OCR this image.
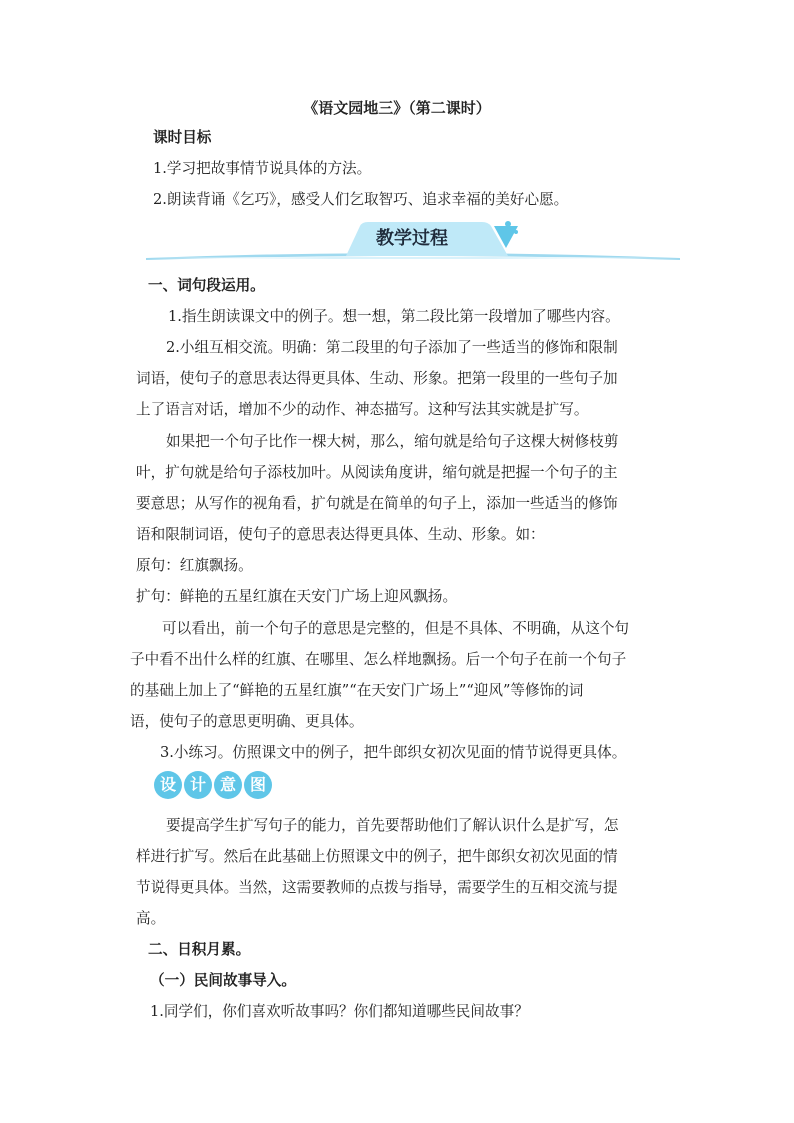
《语文园地三》（第二课时）
课时目标
1.学习把故事情节说具体的方法。
2.朗读背诵《乞巧》，感受人们乞取智巧、追求幸福的美好心愿。
教学过程
一、词句段运用。
1.指生朗读课文中的例子。想一想，第二段比第一段增加了哪些内容。
2.小组互相交流。明确：第二段里的句子添加了一些适当的修饰和限制
词语，使句子的意思表达得更具体、生动、形象。把第一段里的一些句子加
上了语言对话，增加不少的动作、神态描写。这种写法其实就是扩写。
如果把一个句子比作一棵大树，那么，缩句就是给句子这棵大树修枝剪
叶，扩句就是给句子添枝加叶。从阅读角度讲，缩句就是把握一个句子的主
要意思；从写作的视角看，扩句就是在简单的句子上，添加一些适当的修饰
语和限制词语，使句子的意思表达得更具体、生动、形象。如：
原句：红旗飘扬。
扩句：鲜艳的五星红旗在天安门广场上迎风飘扬。
可以看出，前一个句子的意思是完整的，但是不具体、不明确，从这个句
子中看不出什么样的红旗、在哪里、怎么样地飘扬。后一个句子在前一个句子
的基础上加上了“鲜艳的五星红旗”“在天安门广场上”“迎风”等修饰的词
语，使句子的意思更明确、更具体。
3.小练习。仿照课文中的例子，把牛郎织女初次见面的情节说得更具体。
设 计 意 图
要提高学生扩写句子的能力，首先要帮助他们了解认识什么是扩写，怎
样进行扩写。然后在此基础上仿照课文中的例子，把牛郎织女初次见面的情
节说得更具体。当然，这需要教师的点拨与指导，需要学生的互相交流与提
高。
二、日积月累。
（一）民间故事导入。
1.同学们，你们喜欢听故事吗？你们都知道哪些民间故事？
